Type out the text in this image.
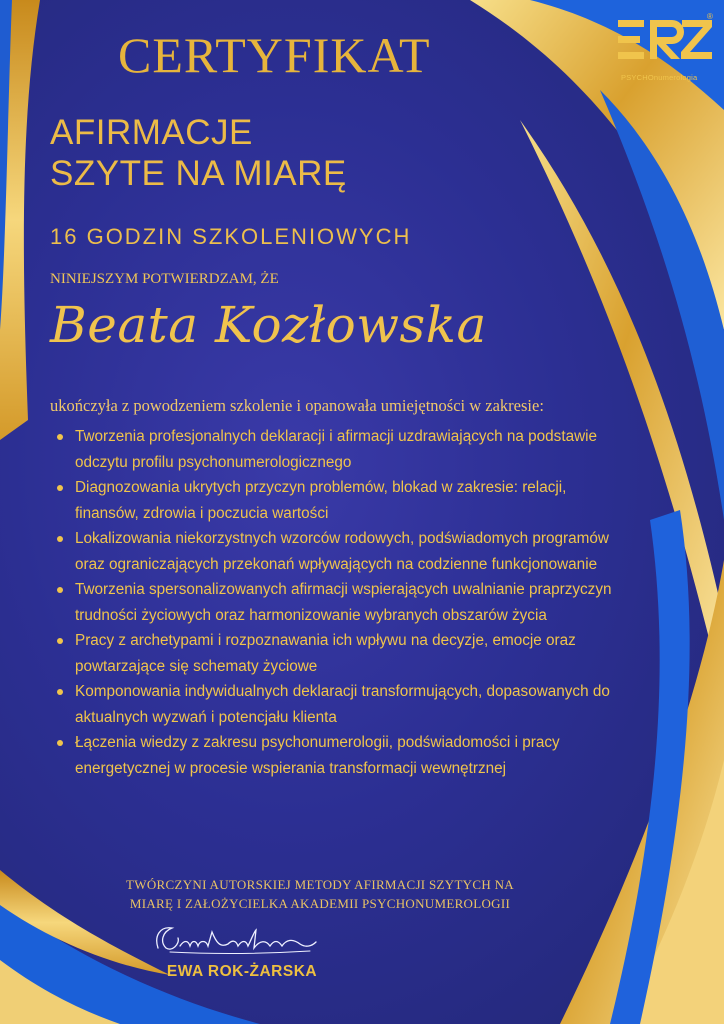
®

PSYCHOnumerologia

CERTYFIKAT
AFIRMACJE
SZYTE NA MIARĘ

16 GODZIN SZKOLENIOWYCH

NINIEJSZYM POTWIERDZAM, ŻE

Beata Kozłowska

ukończyła z powodzeniem szkolenie i opanowała umiejętności w zakresie:

Tworzenia profesjonalnych deklaracji i afirmacji uzdrawiających na podstawie odczytu profilu psychonumerologicznego
Diagnozowania ukrytych przyczyn problemów, blokad w zakresie: relacji, finansów, zdrowia i poczucia wartości
Lokalizowania niekorzystnych wzorców rodowych, podświadomych programów oraz ograniczających przekonań wpływających na codzienne funkcjonowanie
Tworzenia spersonalizowanych afirmacji wspierających uwalnianie praprzyczyn trudności życiowych oraz harmonizowanie wybranych obszarów życia
Pracy z archetypami i rozpoznawania ich wpływu na decyzje, emocje oraz powtarzające się schematy życiowe
Komponowania indywidualnych deklaracji transformujących, dopasowanych do aktualnych wyzwań i potencjału klienta
Łączenia wiedzy z zakresu psychonumerologii, podświadomości i pracy energetycznej w procesie wspierania transformacji wewnętrznej

TWÓRCZYNI AUTORSKIEJ METODY AFIRMACJI SZYTYCH NA
MIARĘ I ZAŁOŻYCIELKA AKADEMII PSYCHONUMEROLOGII

EWA ROK-ŻARSKA
